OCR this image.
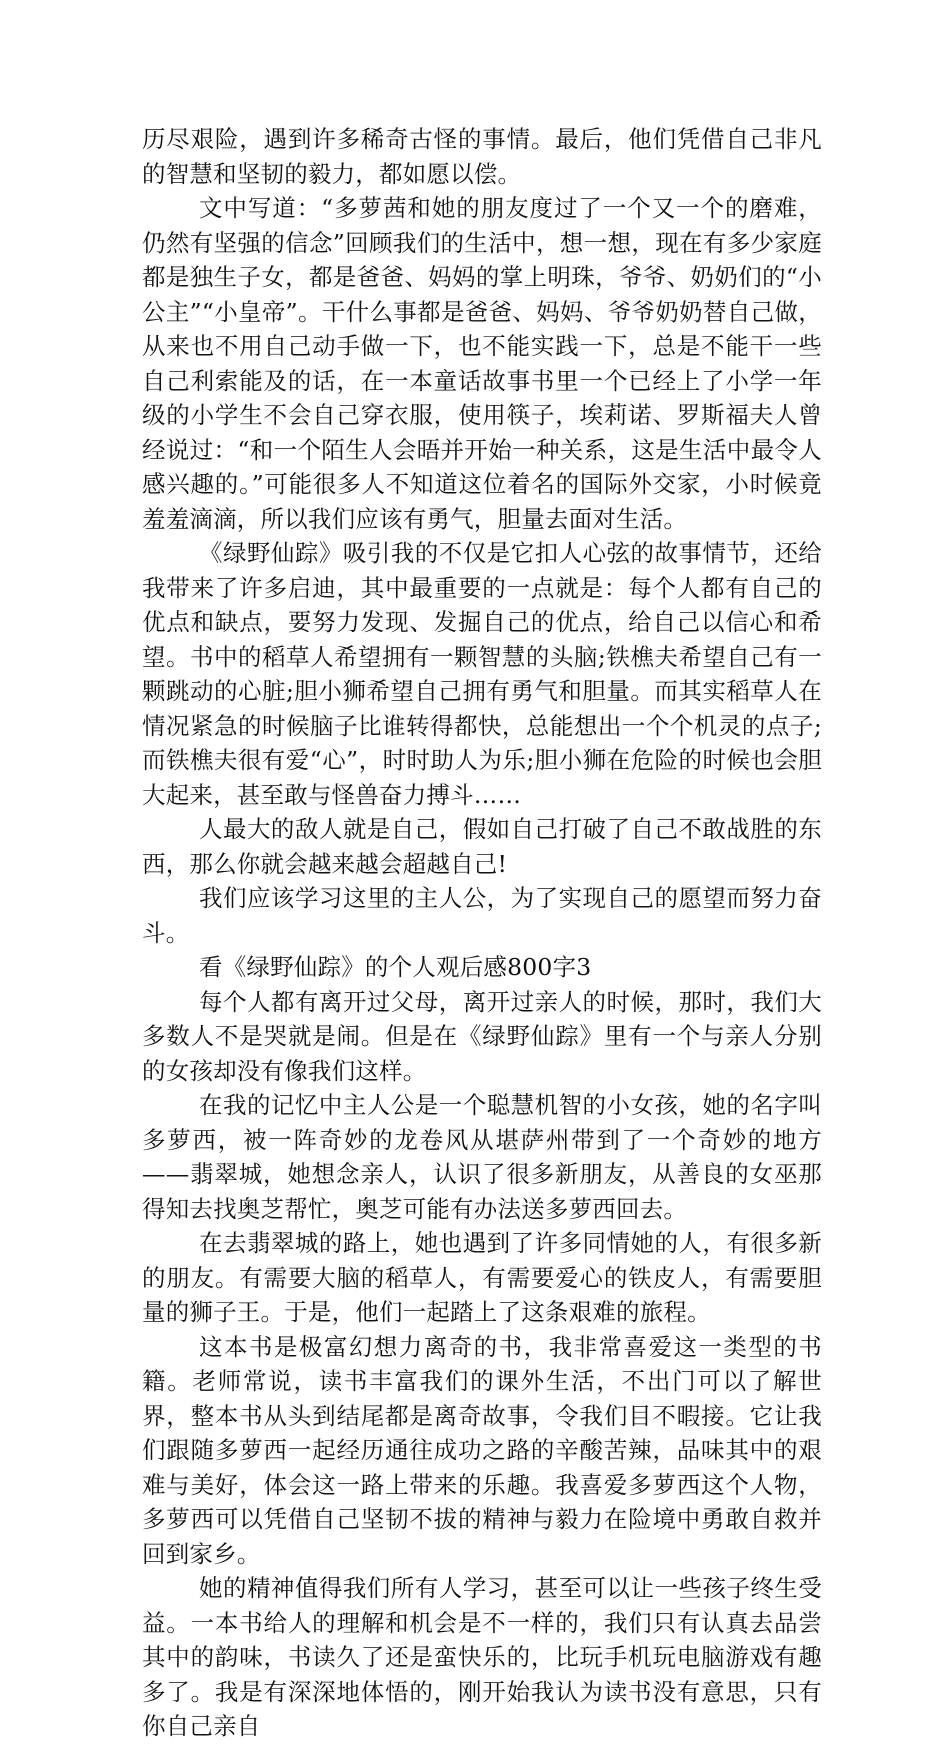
历尽艰险，遇到许多稀奇古怪的事情。最后，他们凭借自己非凡的智慧和坚韧的毅力，都如愿以偿。

文中写道：“多萝茜和她的朋友度过了一个又一个的磨难，仍然有坚强的信念”回顾我们的生活中，想一想，现在有多少家庭都是独生子女，都是爸爸、妈妈的掌上明珠，爷爷、奶奶们的“小公主”“小皇帝”。干什么事都是爸爸、妈妈、爷爷奶奶替自己做，从来也不用自己动手做一下，也不能实践一下，总是不能干一些自己利索能及的话，在一本童话故事书里一个已经上了小学一年级的小学生不会自己穿衣服，使用筷子，埃莉诺、罗斯福夫人曾经说过：“和一个陌生人会晤并开始一种关系，这是生活中最令人感兴趣的。”可能很多人不知道这位着名的国际外交家，小时候竟羞羞滴滴，所以我们应该有勇气，胆量去面对生活。

《绿野仙踪》吸引我的不仅是它扣人心弦的故事情节，还给我带来了许多启迪，其中最重要的一点就是：每个人都有自己的优点和缺点，要努力发现、发掘自己的优点，给自己以信心和希望。书中的稻草人希望拥有一颗智慧的头脑;铁樵夫希望自己有一颗跳动的心脏;胆小狮希望自己拥有勇气和胆量。而其实稻草人在情况紧急的时候脑子比谁转得都快，总能想出一个个机灵的点子;而铁樵夫很有爱“心”，时时助人为乐;胆小狮在危险的时候也会胆大起来，甚至敢与怪兽奋力搏斗……

人最大的敌人就是自己，假如自己打破了自己不敢战胜的东西，那么你就会越来越会超越自己!

我们应该学习这里的主人公，为了实现自己的愿望而努力奋斗。

看《绿野仙踪》的个人观后感800字3

每个人都有离开过父母，离开过亲人的时候，那时，我们大多数人不是哭就是闹。但是在《绿野仙踪》里有一个与亲人分别的女孩却没有像我们这样。

在我的记忆中主人公是一个聪慧机智的小女孩，她的名字叫多萝西，被一阵奇妙的龙卷风从堪萨州带到了一个奇妙的地方——翡翠城，她想念亲人，认识了很多新朋友，从善良的女巫那得知去找奥芝帮忙，奥芝可能有办法送多萝西回去。

在去翡翠城的路上，她也遇到了许多同情她的人，有很多新的朋友。有需要大脑的稻草人，有需要爱心的铁皮人，有需要胆量的狮子王。于是，他们一起踏上了这条艰难的旅程。

这本书是极富幻想力离奇的书，我非常喜爱这一类型的书籍。老师常说，读书丰富我们的课外生活，不出门可以了解世界，整本书从头到结尾都是离奇故事，令我们目不暇接。它让我们跟随多萝西一起经历通往成功之路的辛酸苦辣，品味其中的艰难与美好，体会这一路上带来的乐趣。我喜爱多萝西这个人物，多萝西可以凭借自己坚韧不拔的精神与毅力在险境中勇敢自救并回到家乡。

她的精神值得我们所有人学习，甚至可以让一些孩子终生受益。一本书给人的理解和机会是不一样的，我们只有认真去品尝其中的韵味，书读久了还是蛮快乐的，比玩手机玩电脑游戏有趣多了。我是有深深地体悟的，刚开始我认为读书没有意思，只有你自己亲自
